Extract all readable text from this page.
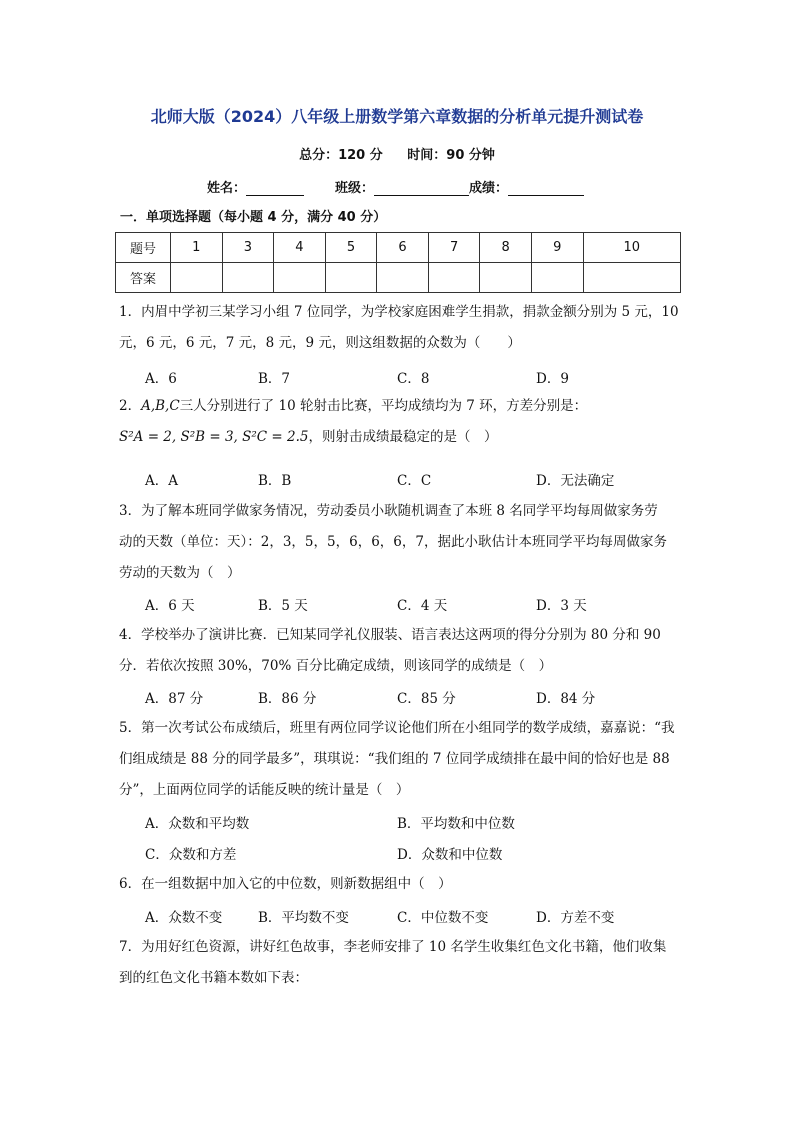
北师大版（2024）八年级上册数学第六章数据的分析单元提升测试卷
总分：120 分 时间：90 分钟
姓名：	班级：	成绩：
一．单项选择题（每小题 4 分，满分 40 分）
题号	1	3	4	5	6	7	8	9	10
答案									
1．内眉中学初三某学习小组 7 位同学，为学校家庭困难学生捐款，捐款金额分别为 5 元，10
元，6 元，6 元，7 元，8 元，9 元，则这组数据的众数为（　　）
A．6	B．7	C．8	D．9
2．A,B,C三人分别进行了 10 轮射击比赛，平均成绩均为 7 环，方差分别是：
S²A = 2, S²B = 3, S²C = 2.5，则射击成绩最稳定的是（　）
A．A	B．B	C．C	D．无法确定
3．为了解本班同学做家务情况，劳动委员小耿随机调查了本班 8 名同学平均每周做家务劳
动的天数（单位：天）：2，3，5，5，6，6，6，7，据此小耿估计本班同学平均每周做家务
劳动的天数为（　）
A．6 天	B．5 天	C．4 天	D．3 天
4．学校举办了演讲比赛．已知某同学礼仪服装、语言表达这两项的得分分别为 80 分和 90
分．若依次按照 30%，70% 百分比确定成绩，则该同学的成绩是（　）
A．87 分	B．86 分	C．85 分	D．84 分
5．第一次考试公布成绩后，班里有两位同学议论他们所在小组同学的数学成绩，嘉嘉说：“我
们组成绩是 88 分的同学最多”，琪琪说：“我们组的 7 位同学成绩排在最中间的恰好也是 88
分”，上面两位同学的话能反映的统计量是（　）
A．众数和平均数	B．平均数和中位数
C．众数和方差	D．众数和中位数
6．在一组数据中加入它的中位数，则新数据组中（　）
A．众数不变	B．平均数不变	C．中位数不变	D．方差不变
7．为用好红色资源，讲好红色故事，李老师安排了 10 名学生收集红色文化书籍，他们收集
到的红色文化书籍本数如下表：
